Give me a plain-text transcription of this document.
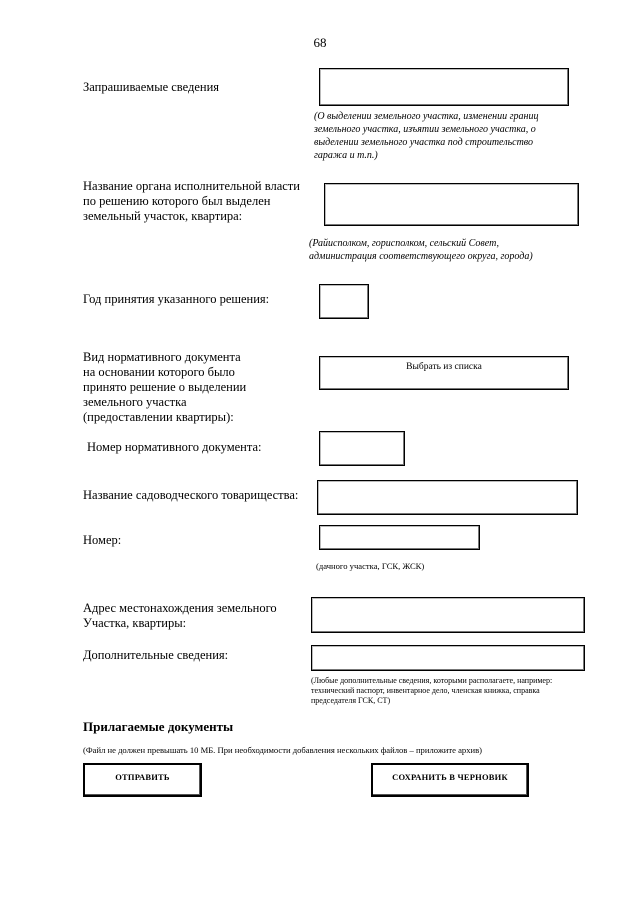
68
Запрашиваемые сведения
(О выделении земельного участка, изменении границ
земельного участка, изъятии земельного участка, о
выделении земельного участка под строительство
гаража и т.п.)
Название органа исполнительной власти
по решению которого был выделен
земельный участок, квартира:
(Райисполком, горисполком, сельский Совет,
администрация соответствующего округа, города)
Год принятия указанного решения:
Вид нормативного документа
на основании которого было
принято решение о выделении
земельного участка
(предоставлении квартиры):
Выбрать из списка
Номер нормативного документа:
Название садоводческого товарищества:
Номер:
(дачного участка, ГСК, ЖСК)
Адрес местонахождения земельного
Участка, квартиры:
Дополнительные сведения:
(Любые дополнительные сведения, которыми располагаете, например:
технический паспорт, инвентарное дело, членская книжка, справка
председателя ГСК, СТ)
Прилагаемые документы
(Файл не должен превышать 10 МБ. При необходимости добавления нескольких файлов – приложите архив)
ОТПРАВИТЬ	СОХРАНИТЬ В ЧЕРНОВИК
